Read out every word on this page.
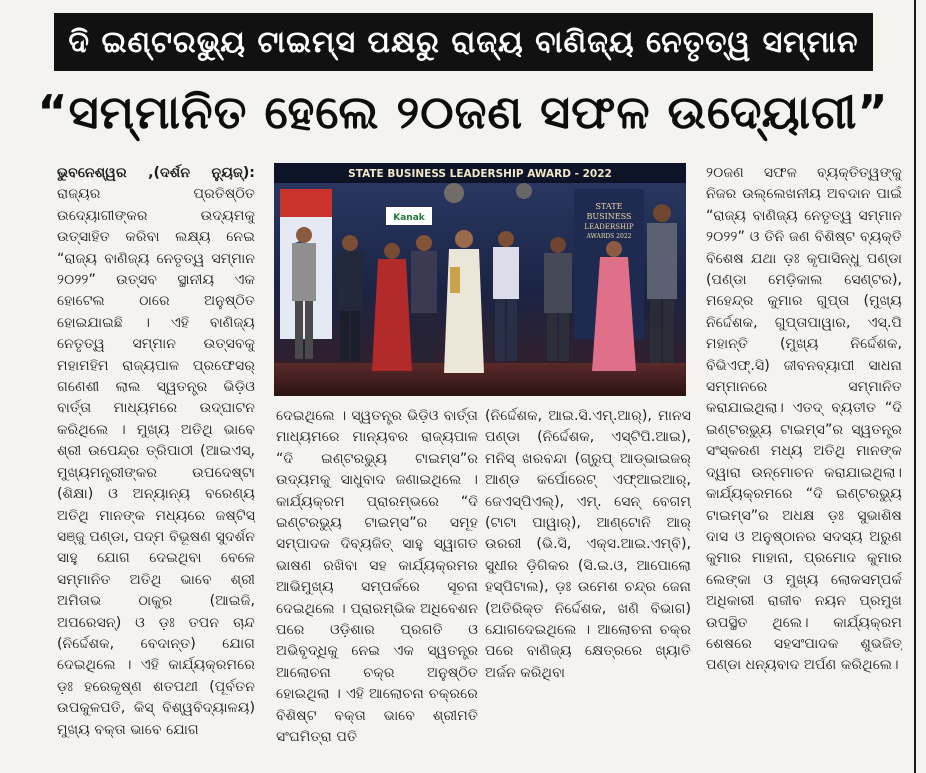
ଦି ଇଣ୍ଟରଭ୍ୟୁ ଟାଇମ୍ସ ପକ୍ଷରୁ ରାଜ୍ୟ ବାଣିଜ୍ୟ ନେତୃତ୍ୱ ସମ୍ମାନ
“ସମ୍ମାନିତ ହେଲେ ୨୦ଜଣ ସଫଳ ଉଦ୍ୟୋଗୀ”

ଭୁବନେଶ୍ୱର ,(ଦର୍ଶନ ନ୍ୟୁଜ୍): ରାଜ୍ୟର ପ୍ରତିଷ୍ଠିତ ଉଦ୍ୟୋଗୀଙ୍କର ଉଦ୍ୟମକୁ ଉତ୍ସାହିତ କରିବା ଲକ୍ଷ୍ୟ ନେଇ “ରାଜ୍ୟ ବାଣିଜ୍ୟ ନେତୃତ୍ୱ ସମ୍ମାନ ୨୦୨୨” ଉତ୍ସବ ସ୍ଥାନୀୟ ଏକ ହୋଟେଲ ଠାରେ ଅନୁଷ୍ଠିତ ହୋଇଯାଇଛି । ଏହି ବାଣିଜ୍ୟ ନେତୃତ୍ୱ ସମ୍ମାନ ଉତ୍ସବକୁ ମହାମହିମ ରାଜ୍ୟପାଳ ପ୍ରଫେସର୍ ଗଣେଶୀ ଲାଲ ସ୍ୱତନ୍ତ୍ର ଭିଡ଼ିଓ ବାର୍ତ୍ତା ମାଧ୍ୟମରେ ଉଦ୍‌ଘାଟନ କରିଥିଲେ । ମୁଖ୍ୟ ଅତିଥି ଭାବେ ଶ୍ରୀ ଉପେନ୍ଦ୍ର ତ୍ରିପାଠୀ (ଆଇଏସ୍, ମୁଖ୍ୟମନ୍ତ୍ରୀଙ୍କର ଉପଦେଷ୍ଟା (ଶିକ୍ଷା) ଓ ଅନ୍ୟାନ୍ୟ ବରେଣ୍ୟ ଅତିଥି ମାନଙ୍କ ମଧ୍ୟରେ ଜଷ୍ଟିସ୍ ସଞ୍ଜୁ ପଣ୍ଡା, ପଦ୍ମ ବିଭୂଷଣ ସୁଦର୍ଶନ ସାହୁ ଯୋଗ ଦେଇଥିବା ବେଳେ ସମ୍ମାନିତ ଅତିଥି ଭାବେ ଶ୍ରୀ ଅମିତାଭ ଠାକୁର (ଆଇଜି, ଅପରେସନ୍) ଓ ଡ଼ଃ ତପନ ଚାନ୍ଦ (ନିର୍ଦ୍ଦେଶକ, ବେଦାନ୍ତ) ଯୋଗ ଦେଇଥିଲେ । ଏହି କାର୍ଯ୍ୟକ୍ରମରେ ଡ଼ଃ ହରେକୃଷ୍ଣ ଶତପଥୀ (ପୂର୍ବତନ ଉପକୁଳପତି, କିସ୍ ବିଶ୍ୱବିଦ୍ୟାଳୟ) ମୁଖ୍ୟ ବକ୍ତା ଭାବେ ଯୋଗ

STATE BUSINESS LEADERSHIP AWARD - 2022
Kanak
STATE
BUSINESS
LEADERSHIP
AWARDS 2022

ଦେଇଥିଲେ । ସ୍ୱତନ୍ତ୍ର ଭିଡ଼ିଓ ବାର୍ତ୍ତା ମାଧ୍ୟମରେ ମାନ୍ୟବର ରାଜ୍ୟପାଳ “ଦି ଇଣ୍ଟରଭ୍ୟୁ ଟାଇମ୍ସ”ର ଉଦ୍ୟମକୁ ସାଧୁବାଦ ଜଣାଇଥିଲେ । କାର୍ଯ୍ୟକ୍ରମ ପ୍ରାରମ୍ଭରେ “ଦି ଇଣ୍ଟରଭ୍ୟୁ ଟାଇମ୍ସ”ର ସମୂହ ସମ୍ପାଦକ ଦିବ୍ୟଜିତ୍ ସାହୁ ସ୍ୱାଗତ ଭାଷଣ ରଖିବା ସହ କାର୍ଯ୍ୟକ୍ରମର ଆଭିମୁଖ୍ୟ ସମ୍ପର୍କରେ ସୂଚନା ଦେଇଥିଲେ । ପ୍ରାରମ୍ଭିକ ଅଧିବେଶନ ପରେ ଓଡ଼ିଶାର ପ୍ରଗତି ଓ ଅଭିବୃଦ୍ଧିକୁ ନେଇ ଏକ ସ୍ୱତନ୍ତ୍ର ଆଲୋଚନା ଚକ୍ର ଅନୁଷ୍ଠିତ ହୋଇଥିଲା । ଏହି ଆଲୋଚନା ଚକ୍ରରେ ବିଶିଷ୍ଟ ବକ୍ତା ଭାବେ ଶ୍ରୀମତି ସଂଘମିତ୍ରା ପତି

(ନିର୍ଦ୍ଦେଶକ, ଆଇ.ସି.ଏମ୍.ଆର୍), ମାନସ ପଣ୍ଡା (ନିର୍ଦ୍ଦେଶକ, ଏସ୍‌ଟିପି.ଆଇ), ମନିସ୍ ଖରବନ୍ଦା (ଗ୍ରୁପ୍ ଆଡ୍‌ଭାଇଜର୍ ଆଣ୍ଡ କର୍ପୋରେଟ୍ ଏଫ୍‌ଆଇଆର୍, ଜେଏସ୍‌ପିଏଲ୍), ଏମ୍. ସେନ୍ ବେଗମ୍ (ଟାଟା ପାୱାର୍), ଆଣ୍ଟୋନି ଆର୍ ଉରରୀ (ଭି.ସି, ଏକ୍ସ.ଆଇ.ଏମ୍‌ବି), ସୁଧୀର ଡ଼ିଗିକର (ସି.ଇ.ଓ, ଆପୋଲୋ ହସ୍ପିଟାଲ), ଡ଼ଃ ଉମେଶ ଚନ୍ଦ୍ର ଜେନା (ଅତିରିକ୍ତ ନିର୍ଦ୍ଦେଶକ, ଖଣି ବିଭାଗ) ଯୋଗଦେଇଥିଲେ । ଆଲୋଚନା ଚକ୍ର ପରେ ବାଣିଜ୍ୟ କ୍ଷେତ୍ରରେ ଖ୍ୟାତି ଅର୍ଜନ କରିଥିବା

୨୦ଜଣ ସଫଳ ବ୍ୟକ୍ତିତ୍ୱଙ୍କୁ ନିଜର ଉଲ୍ଲେଖନୀୟ ଅବଦାନ ପାଇଁ “ରାଜ୍ୟ ବାଣିଜ୍ୟ ନେତୃତ୍ୱ ସମ୍ମାନ ୨୦୨୨” ଓ ତିନି ଜଣ ବିଶିଷ୍ଟ ବ୍ୟକ୍ତି ବିଶେଷ ଯଥା ଡ଼ଃ କୃପାସିନ୍ଧୁ ପଣ୍ଡା (ପଣ୍ଡା ମେଡ଼ିକାଲ ସେଣ୍ଟର), ମହେନ୍ଦ୍ର କୁମାର ଗୁପ୍ତା (ମୁଖ୍ୟ ନିର୍ଦ୍ଦେଶକ, ଗୁପ୍ତାପାୱାର, ଏସ୍.ପି ମହାନ୍ତି (ମୁଖ୍ୟ ନିର୍ଦ୍ଦେଶକ, ବିଭିଏଫ୍.ସି) ଜୀବନବ୍ୟାପୀ ସାଧନା ସମ୍ମାନରେ ସମ୍ମାନିତ କରାଯାଇଥିଲା। ଏତଦ୍ ବ୍ୟତୀତ “ଦି ଇଣ୍ଟରଭ୍ୟୁ ଟାଇମ୍ସ”ର ସ୍ୱତନ୍ତ୍ର ସଂସ୍କରଣ ମଧ୍ୟ ଅତିଥି ମାନଙ୍କ ଦ୍ୱାରା ଉନ୍ମୋଚନ କରାଯାଇଥିଲା। କାର୍ଯ୍ୟକ୍ରମରେ “ଦି ଇଣ୍ଟରଭ୍ୟୁ ଟାଇମ୍ସ”ର ଅଧକ୍ଷ ଡ଼ଃ ସୁଭାଶିଷ ଦାସ ଓ ଅନୁଷ୍ଠାନର ସଦସ୍ୟ ଅରୁଣ କୁମାର ମାହାନା, ପ୍ରମୋଦ କୁମାର ଲେଙ୍କା ଓ ମୁଖ୍ୟ ଲୋକସମ୍ପର୍କ ଅଧିକାରୀ ରାଜୀବ ନୟନ ପ୍ରମୁଖ ଉପସ୍ଥିତ ଥିଲେ। କାର୍ଯ୍ୟକ୍ରମ ଶେଷରେ ସହସଂପାଦକ ଶୁଭଜିତ୍ ପଣ୍ଡା ଧନ୍ୟବାଦ ଅର୍ପଣ କରିଥିଲେ।
